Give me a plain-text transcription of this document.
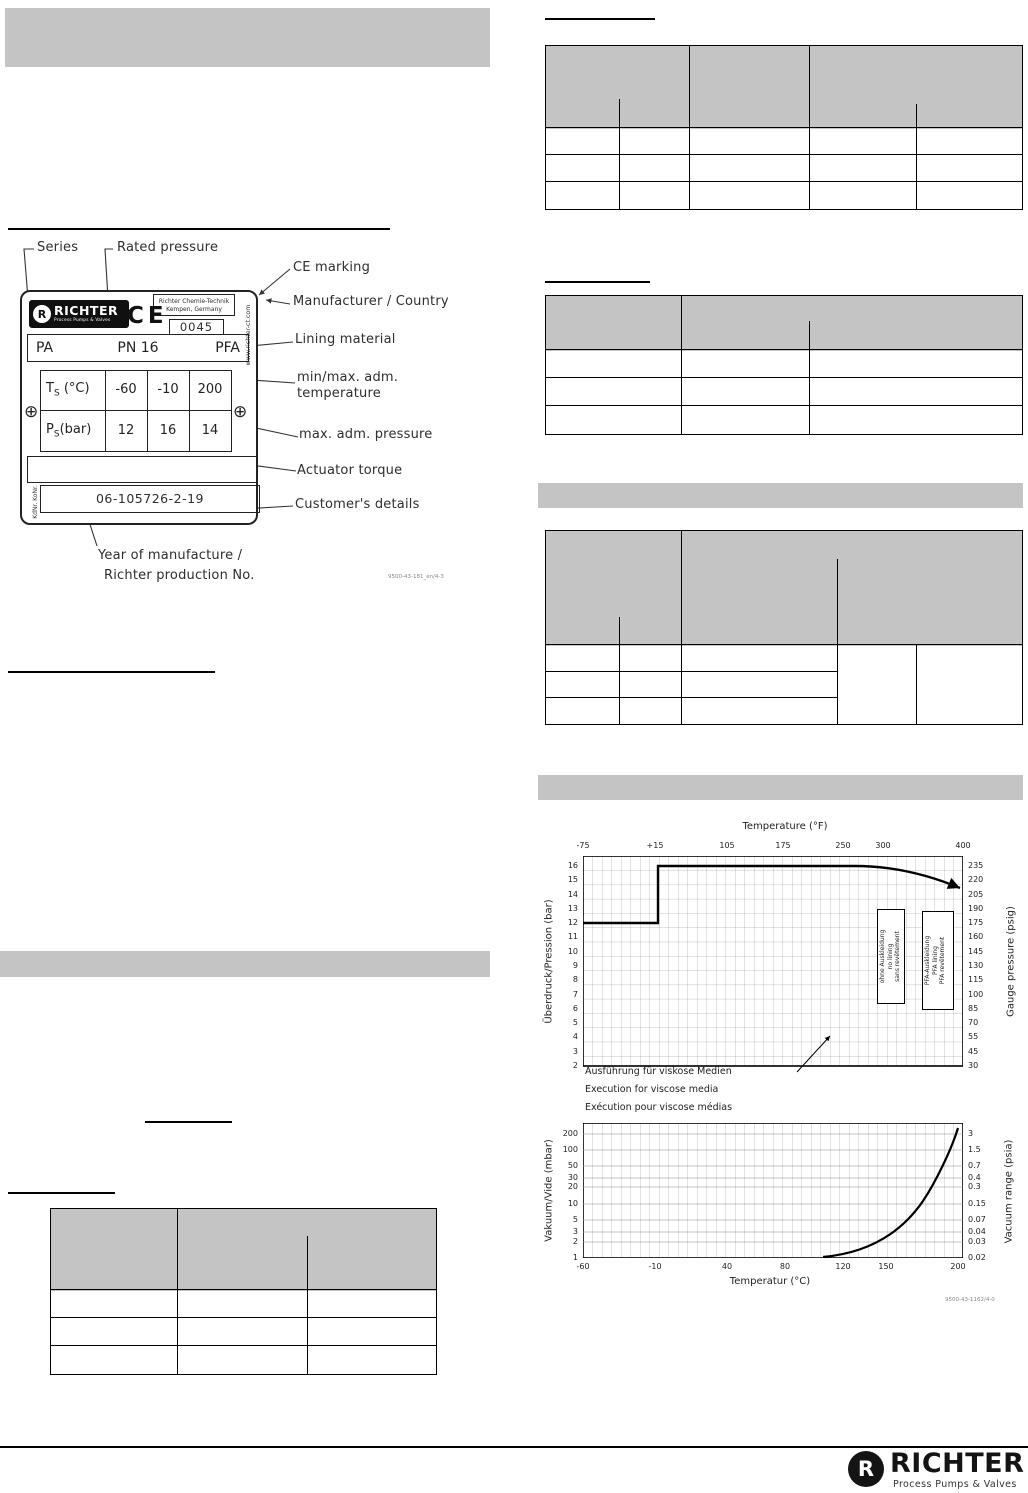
Series	Rated pressure
CE marking
Manufacturer / Country
Lining material
min/max. adm.
temperature
max. adm. pressure
Actuator torque
Customer's details
Year of manufacture /
Richter production No.	9500-43-181_en/4-3
R RICHTER
Process Pumps & Valves
Richter Chemie-Technik
Kempen, Germany
CE	0045	www.richter-ct.com
PA	PN 16	PFA
$T_S$ (°C)	-60	-10	200
$P_S(bar)$	12	16	14
⊕	⊕
06-105726-2-19
KdNr. KoNr.
Temperature (°F)
-75	+15	105	175	250	300	400
16
15
14
13
12
11
10
9
8
7
6
5
4
3
2
235
220
205
190
175
160
145
130
115
100
85
70
55
45
30
Überdruck/Pression (bar)	Gauge pressure (psig)
ohne Auskleidung no lining sans revêtement	PFA-Auskleidung PFA lining PFA revêtement
Ausführung für viskose Medien
Execution for viscose media
Exécution pour viscose médias
200
100
50
30
20
10
5
3
2
1
3
1.5
0.7
0.4
0.3
0.15
0.07
0.04
0.03
0.02
-60	-10	40	80	120	150	200
Temperatur (°C)
Vakuum/Vide (mbar)	Vacuum range (psia)
9500-43-1162/4-0
R RICHTER
Process Pumps & Valves
